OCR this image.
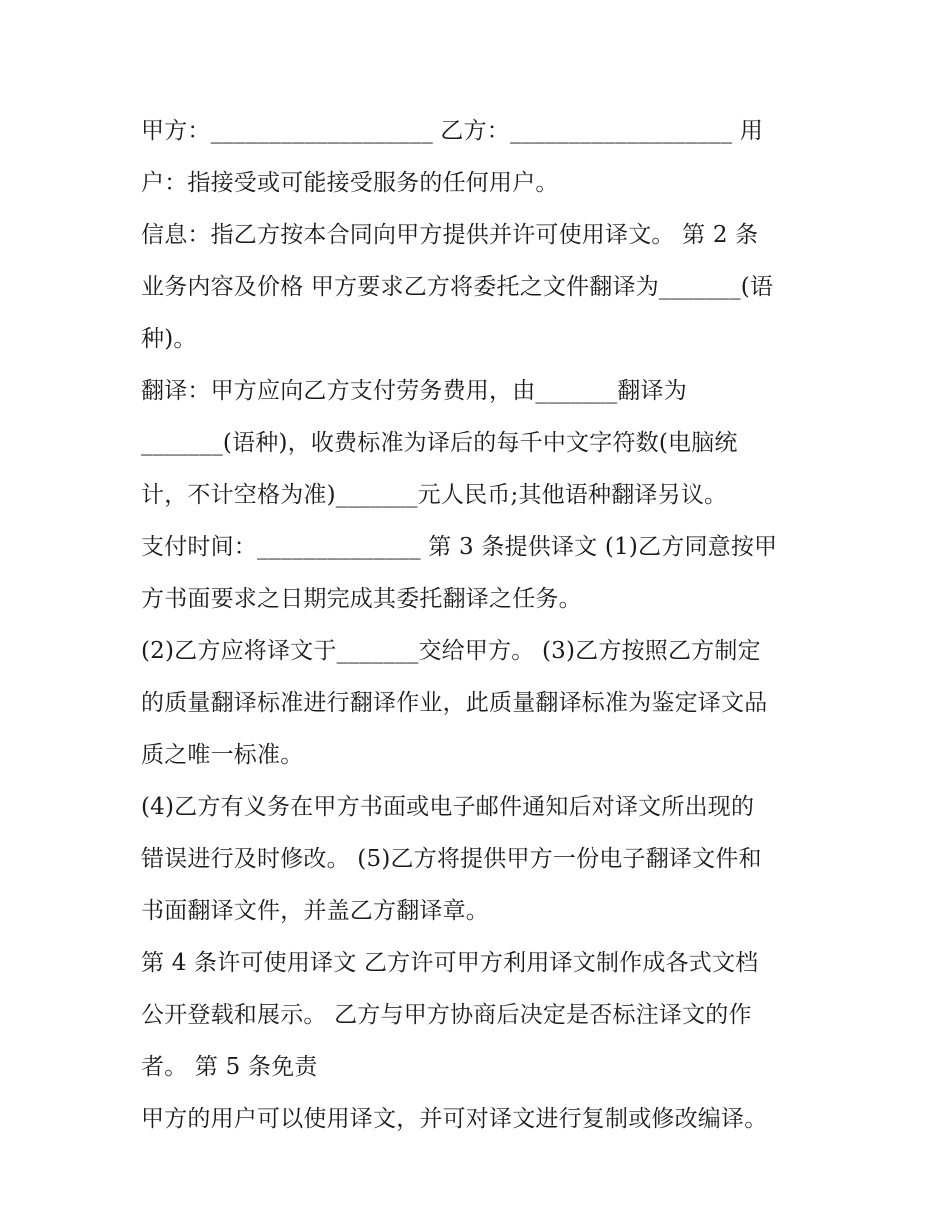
甲方：___________________ 乙方：___________________ 用
户：指接受或可能接受服务的任何用户。
信息：指乙方按本合同向甲方提供并许可使用译文。 第 2 条
业务内容及价格 甲方要求乙方将委托之文件翻译为_______(语
种)。
翻译：甲方应向乙方支付劳务费用，由_______翻译为
_______(语种)，收费标准为译后的每千中文字符数(电脑统
计，不计空格为准)_______元人民币;其他语种翻译另议。
支付时间：______________ 第 3 条提供译文 (1)乙方同意按甲
方书面要求之日期完成其委托翻译之任务。
(2)乙方应将译文于_______交给甲方。 (3)乙方按照乙方制定
的质量翻译标准进行翻译作业，此质量翻译标准为鉴定译文品
质之唯一标准。
(4)乙方有义务在甲方书面或电子邮件通知后对译文所出现的
错误进行及时修改。 (5)乙方将提供甲方一份电子翻译文件和
书面翻译文件，并盖乙方翻译章。
第 4 条许可使用译文 乙方许可甲方利用译文制作成各式文档
公开登载和展示。 乙方与甲方协商后决定是否标注译文的作
者。 第 5 条免责
甲方的用户可以使用译文，并可对译文进行复制或修改编译。
